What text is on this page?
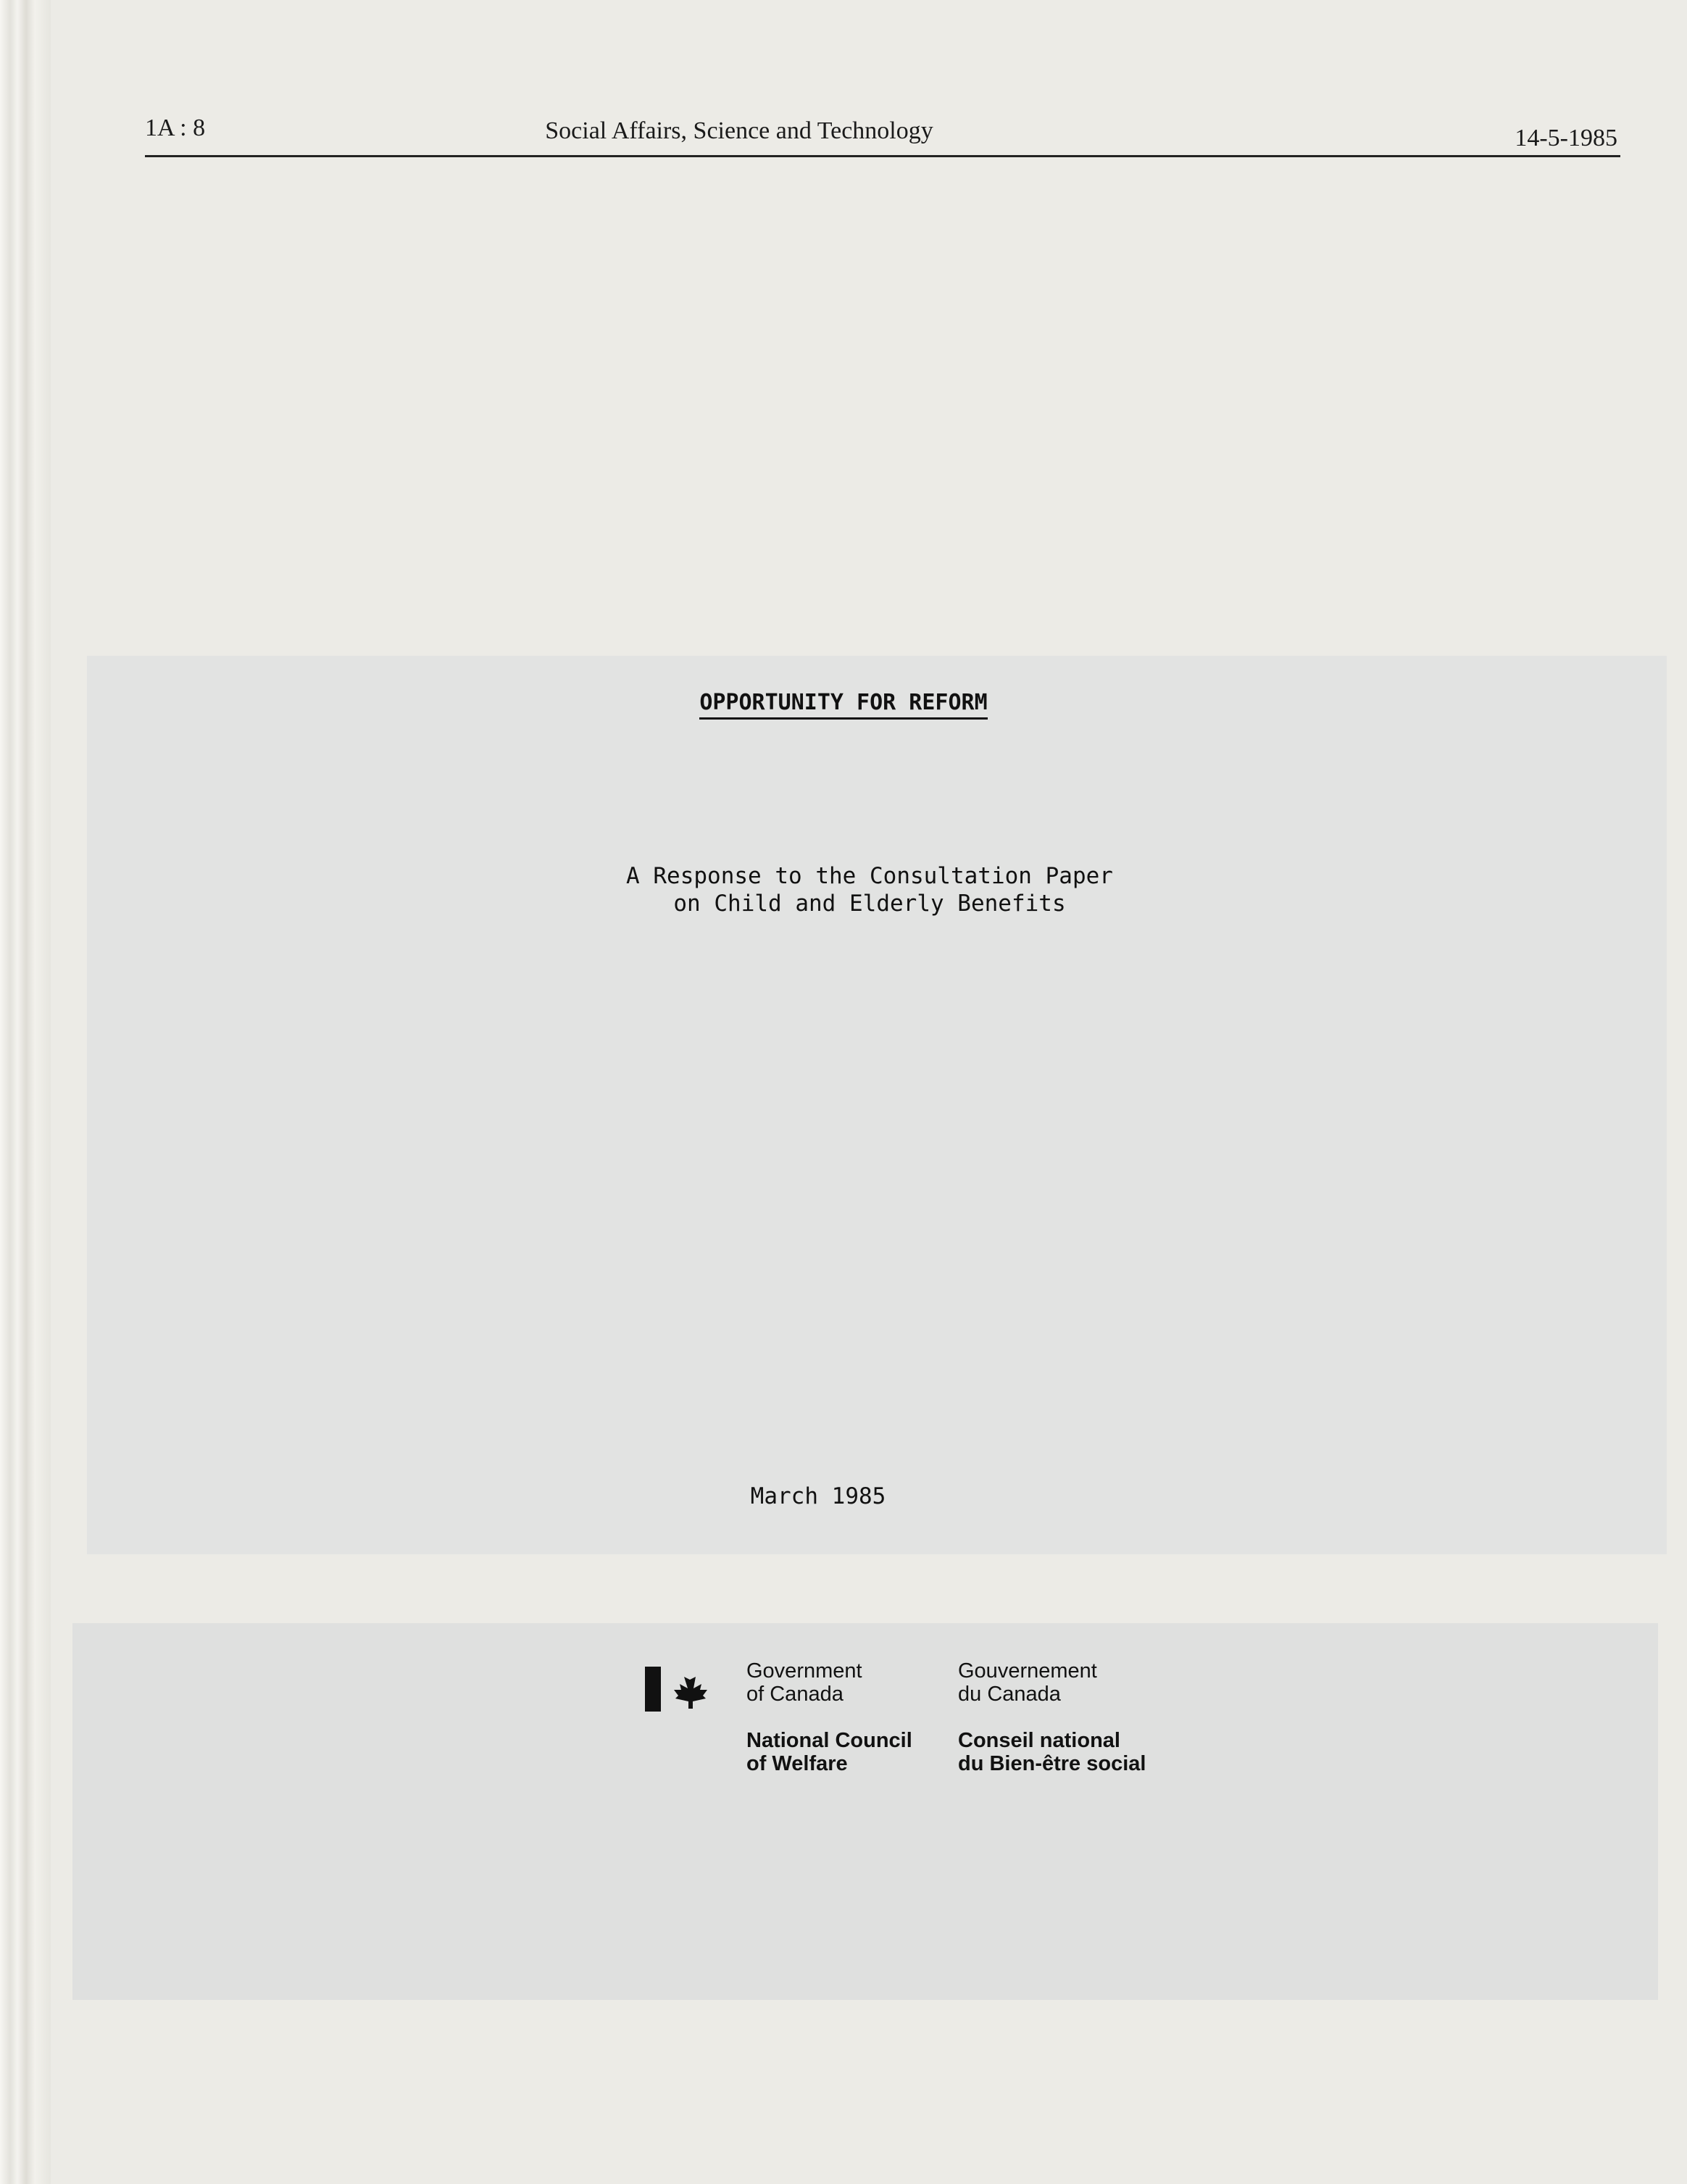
1A : 8	Social Affairs, Science and Technology	14-5-1985
OPPORTUNITY FOR REFORM
A Response to the Consultation Paper
on Child and Elderly Benefits
March 1985
Government
of Canada
Gouvernement
du Canada
National Council
of Welfare
Conseil national
du Bien-être social
